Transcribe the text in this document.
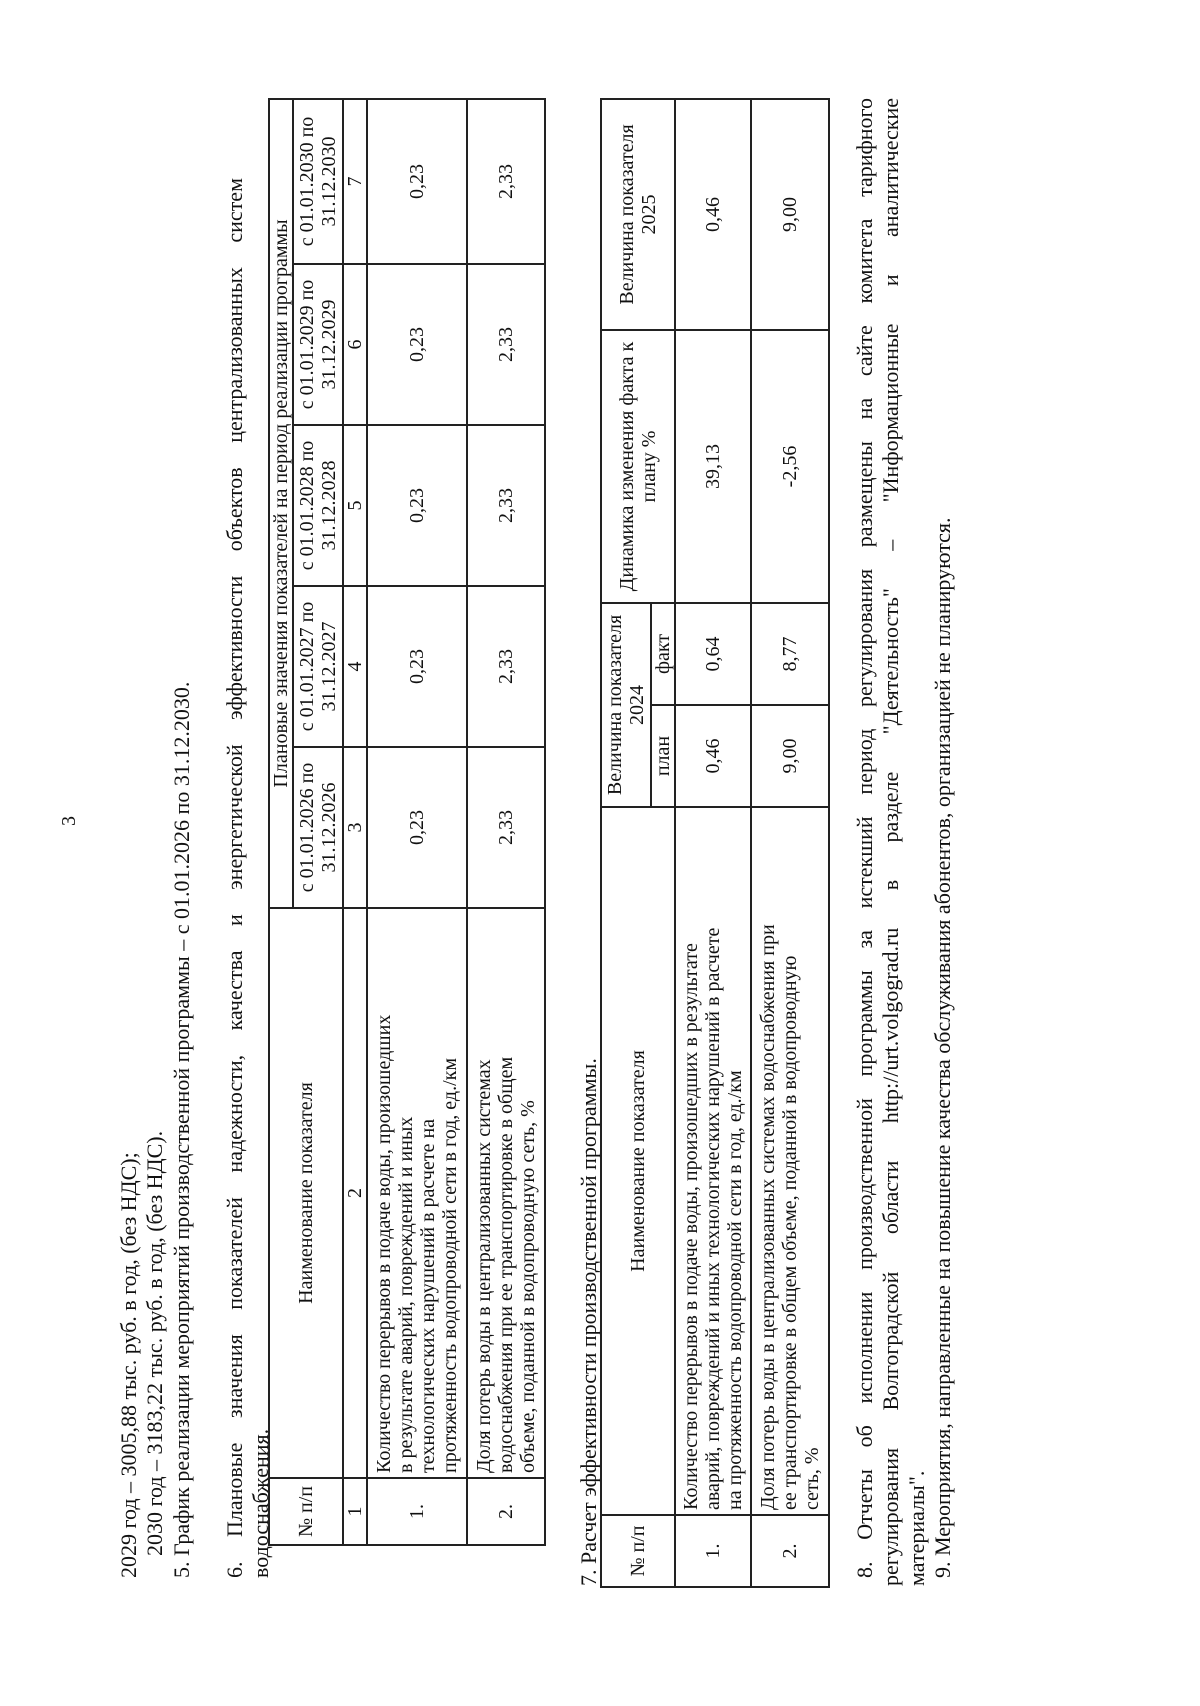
3
2029 год – 3005,88 тыс. руб. в год, (без НДС); 2030 год – 3183,22 тыс. руб. в год, (без НДС). 5. График реализации мероприятий производственной программы – с 01.01.2026 по 31.12.2030. 6. Плановые значения показателей надежности, качества и энергетической эффективности объектов централизованных систем водоснабжения. № п/п	Наименование показателя	Плановые значения показателей на период реализации программы				
		с 01.01.2026 по 31.12.2026	с 01.01.2027 по 31.12.2027	с 01.01.2028 по 31.12.2028	с 01.01.2029 по 31.12.2029	с 01.01.2030 по 31.12.2030
1	2	3	4	5	6	7
1.	Количество перерывов в подаче воды, произошедших в результате аварий, повреждений и иных технологических нарушений в расчете на протяженность водопроводной сети в год, ед./км	0,23	0,23	0,23	0,23	0,23
2.	Доля потерь воды в централизованных системах водоснабжения при ее транспортировке в общем объеме, поданной в водопроводную сеть, %	2,33	2,33	2,33	2,33	2,33
7. Расчет эффективности производственной программы. № п/п	Наименование показателя	Величина показателя 2024		Динамика изменения факта к плану %	Величина показателя 2025
		план	факт		
1.	Количество перерывов в подаче воды, произошедших в результате аварий, повреждений и иных технологических нарушений в расчете на протяженность водопроводной сети в год, ед./км	0,46	0,64	39,13	0,46
2.	Доля потерь воды в централизованных системах водоснабжения при ее транспортировке в общем объеме, поданной в водопроводную сеть, %	9,00	8,77	-2,56	9,00 8. Отчеты об исполнении производственной программы за истекший период регулирования размещены на сайте комитета тарифного регулирования Волгоградской области http://urt.volgograd.ru в разделе "Деятельность" – "Информационные и аналитические материалы". 9. Мероприятия, направленные на повышение качества обслуживания абонентов, организацией не планируются.
